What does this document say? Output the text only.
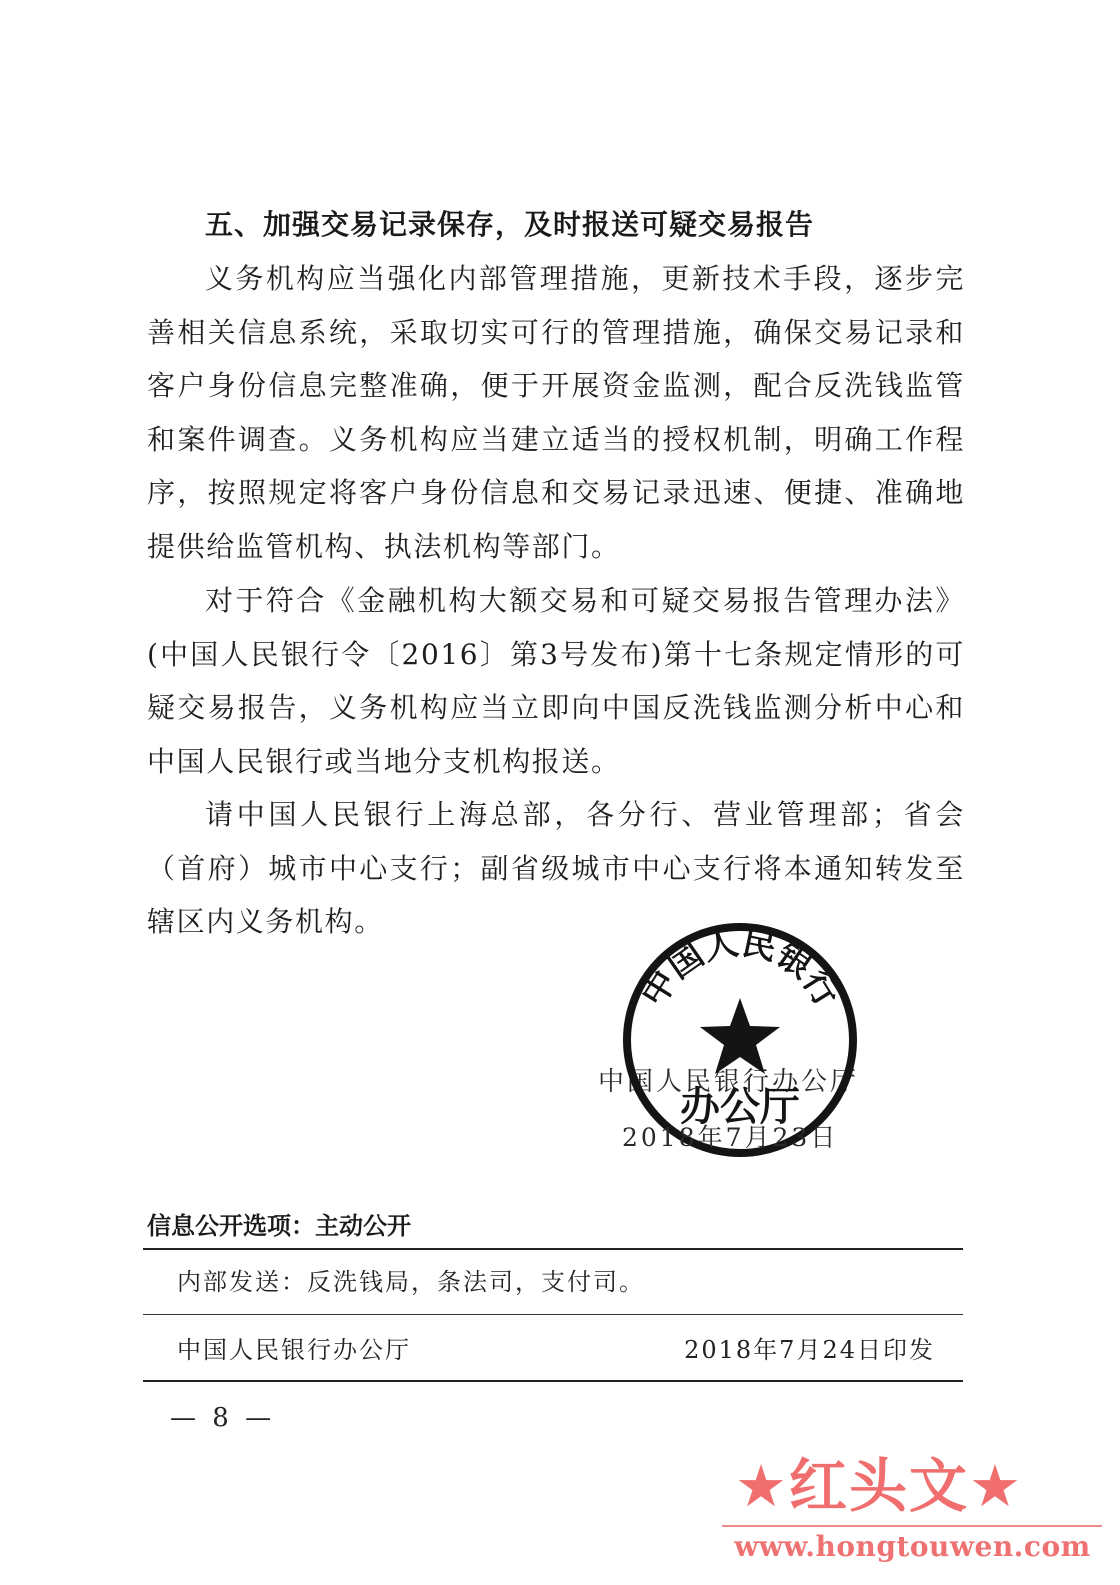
五、加强交易记录保存，及时报送可疑交易报告

义务机构应当强化内部管理措施，更新技术手段，逐步完善相关信息系统，采取切实可行的管理措施，确保交易记录和客户身份信息完整准确，便于开展资金监测，配合反洗钱监管和案件调查。义务机构应当建立适当的授权机制，明确工作程序，按照规定将客户身份信息和交易记录迅速、便捷、准确地提供给监管机构、执法机构等部门。

对于符合《金融机构大额交易和可疑交易报告管理办法》(中国人民银行令〔2016〕第3号发布)第十七条规定情形的可疑交易报告，义务机构应当立即向中国反洗钱监测分析中心和中国人民银行或当地分支机构报送。

请中国人民银行上海总部，各分行、营业管理部；省会（首府）城市中心支行；副省级城市中心支行将本通知转发至辖区内义务机构。

中国人民银行办公厅
中国人民银行
办公厅
2018年7月23日
信息公开选项：主动公开
内部发送：反洗钱局，条法司，支付司。
中国人民银行办公厅	2018年7月24日印发
— 8 —
★红头文★
www.hongtouwen.com
